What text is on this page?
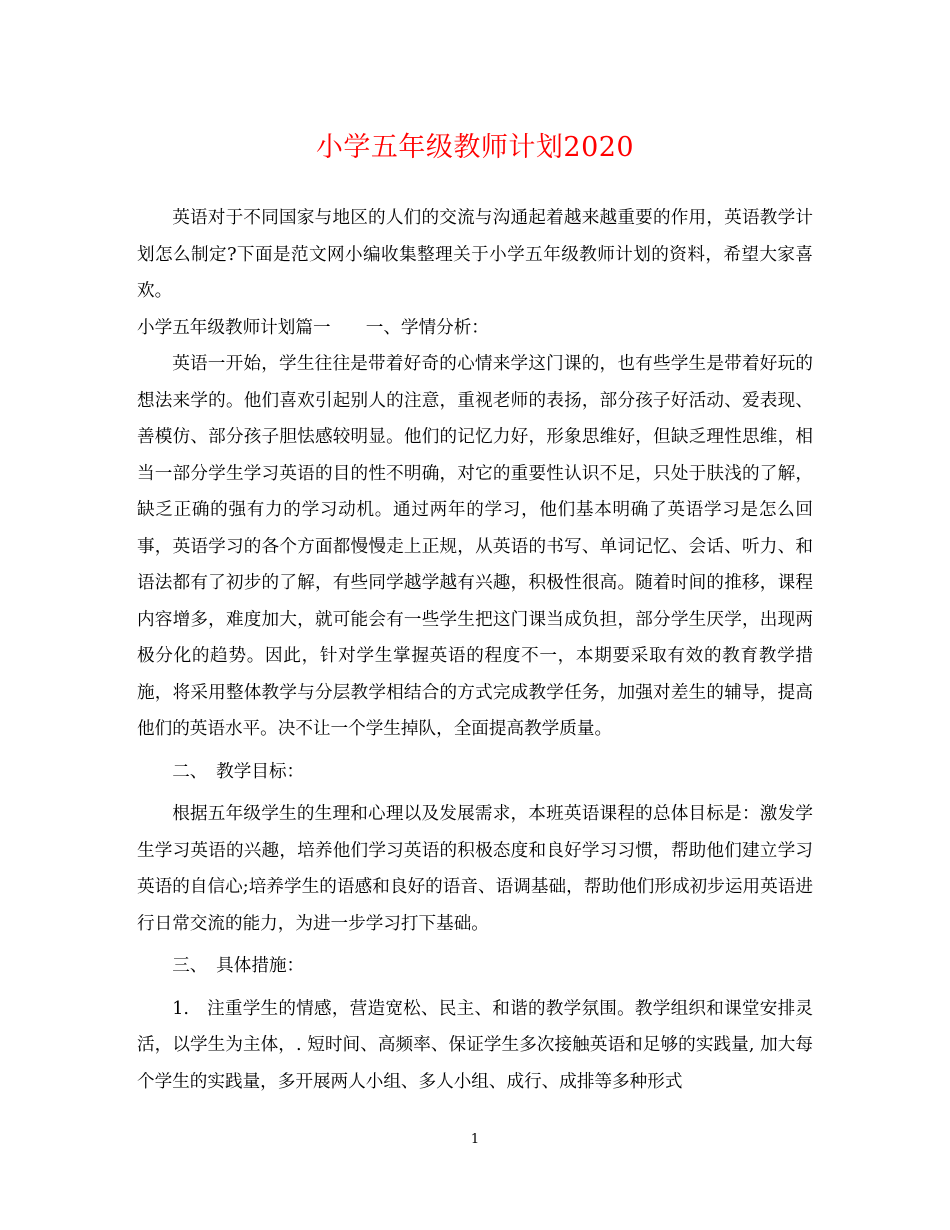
小学五年级教师计划2020

英语对于不同国家与地区的人们的交流与沟通起着越来越重要的作用，英语教学计划怎么制定?下面是范文网小编收集整理关于小学五年级教师计划的资料，希望大家喜欢。

小学五年级教师计划篇一　　一、学情分析：

英语一开始，学生往往是带着好奇的心情来学这门课的，也有些学生是带着好玩的想法来学的。他们喜欢引起别人的注意，重视老师的表扬，部分孩子好活动、爱表现、善模仿、部分孩子胆怯感较明显。他们的记忆力好，形象思维好，但缺乏理性思维，相当一部分学生学习英语的目的性不明确，对它的重要性认识不足，只处于肤浅的了解，缺乏正确的强有力的学习动机。通过两年的学习，他们基本明确了英语学习是怎么回事，英语学习的各个方面都慢慢走上正规，从英语的书写、单词记忆、会话、听力、和语法都有了初步的了解，有些同学越学越有兴趣，积极性很高。随着时间的推移，课程内容增多，难度加大，就可能会有一些学生把这门课当成负担，部分学生厌学，出现两极分化的趋势。因此，针对学生掌握英语的程度不一，本期要采取有效的教育教学措施，将采用整体教学与分层教学相结合的方式完成教学任务，加强对差生的辅导，提高他们的英语水平。决不让一个学生掉队，全面提高教学质量。

二、　教学目标：

根据五年级学生的生理和心理以及发展需求，本班英语课程的总体目标是：激发学生学习英语的兴趣，培养他们学习英语的积极态度和良好学习习惯，帮助他们建立学习英语的自信心;培养学生的语感和良好的语音、语调基础，帮助他们形成初步运用英语进行日常交流的能力，为进一步学习打下基础。

三、　具体措施：

1.　注重学生的情感，营造宽松、民主、和谐的教学氛围。教学组织和课堂安排灵活，以学生为主体，. 短时间、高频率、保证学生多次接触英语和足够的实践量, 加大每个学生的实践量，多开展两人小组、多人小组、成行、成排等多种形式

1
